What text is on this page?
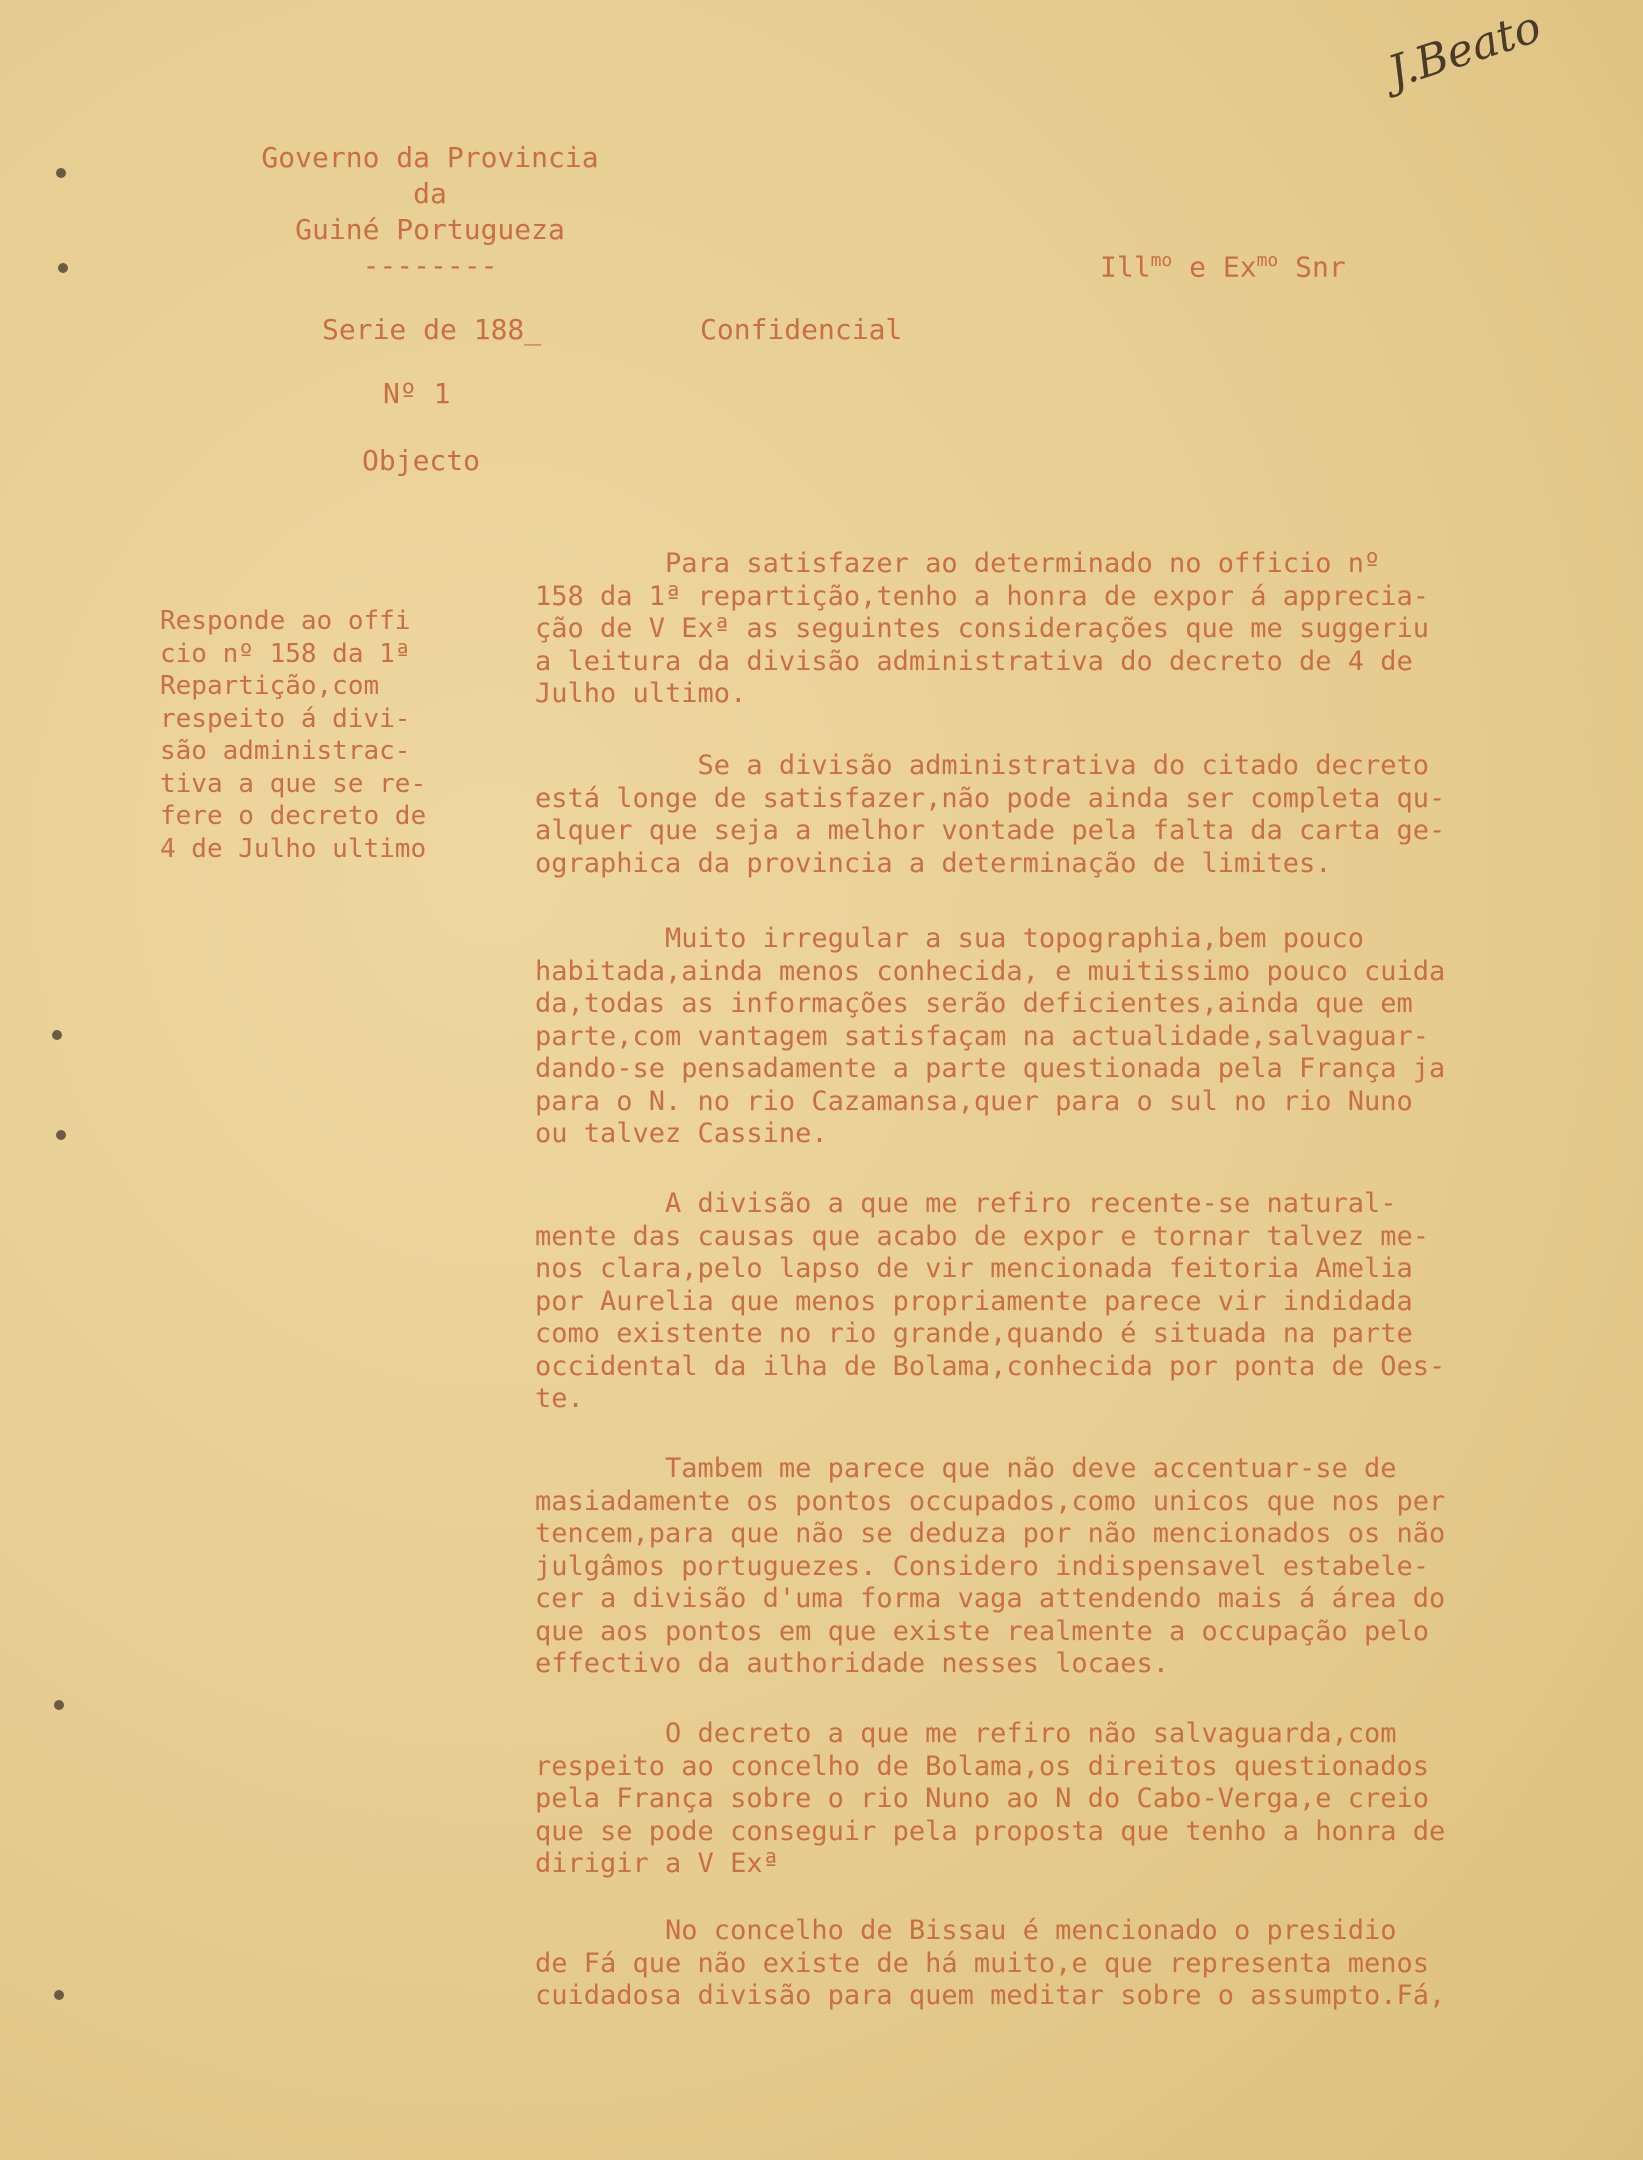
J.Beato
Governo da Provincia
da
Guiné Portugueza
--------	Ill$^{mo}$ e $Ex^{mo}$ Snr
Serie de 188_	Confidencial
Nº 1
Objecto
Responde ao offi
cio nº 158 da 1ª
Repartição,com
respeito á divi-
são administrac-
tiva a que se re-
fere o decreto de
4 de Julho ultimo
Para satisfazer ao determinado no officio nº
158 da 1ª repartição,tenho a honra de expor á apprecia-
ção de V Exª as seguintes considerações que me suggeriu
a leitura da divisão administrativa do decreto de 4 de
Julho ultimo.
Se a divisão administrativa do citado decreto
está longe de satisfazer,não pode ainda ser completa qu-
alquer que seja a melhor vontade pela falta da carta ge-
ographica da provincia a determinação de limites.
Muito irregular a sua topographia,bem pouco
habitada,ainda menos conhecida, e muitissimo pouco cuida
da,todas as informações serão deficientes,ainda que em
parte,com vantagem satisfaçam na actualidade,salvaguar-
dando-se pensadamente a parte questionada pela França ja
para o N. no rio Cazamansa,quer para o sul no rio Nuno
ou talvez Cassine.
A divisão a que me refiro recente-se natural-
mente das causas que acabo de expor e tornar talvez me-
nos clara,pelo lapso de vir mencionada feitoria Amelia
por Aurelia que menos propriamente parece vir indidada
como existente no rio grande,quando é situada na parte
occidental da ilha de Bolama,conhecida por ponta de Oes-
te.
Tambem me parece que não deve accentuar-se de
masiadamente os pontos occupados,como unicos que nos per
tencem,para que não se deduza por não mencionados os não
julgâmos portuguezes. Considero indispensavel estabele-
cer a divisão d'uma forma vaga attendendo mais á área do
que aos pontos em que existe realmente a occupação pelo
effectivo da authoridade nesses locaes.
O decreto a que me refiro não salvaguarda,com
respeito ao concelho de Bolama,os direitos questionados
pela França sobre o rio Nuno ao N do Cabo-Verga,e creio
que se pode conseguir pela proposta que tenho a honra de
dirigir a V Exª
No concelho de Bissau é mencionado o presidio
de Fá que não existe de há muito,e que representa menos
cuidadosa divisão para quem meditar sobre o assumpto.Fá,
